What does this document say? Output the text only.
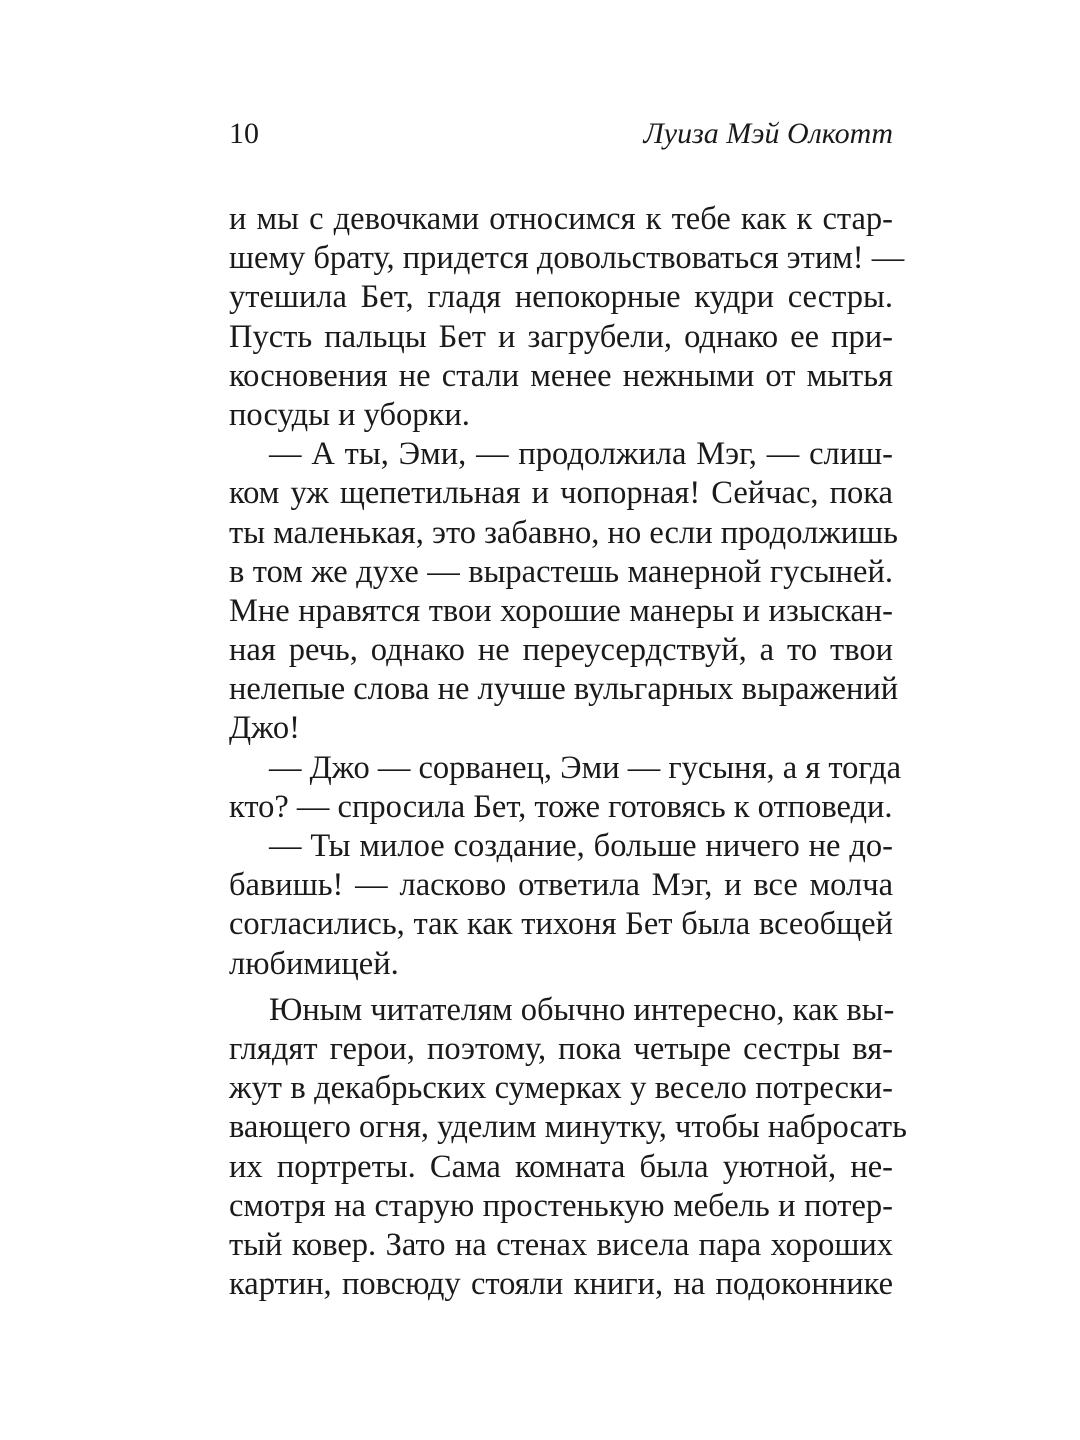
10	Луиза Мэй Олкотт
и мы с девочками относимся к тебе как к стар-
шему брату, придется довольствоваться этим! —
утешила Бет, гладя непокорные кудри сестры.
Пусть пальцы Бет и загрубели, однако ее при-
косновения не стали менее нежными от мытья
посуды и уборки.
— А ты, Эми, — продолжила Мэг, — слиш-
ком уж щепетильная и чопорная! Сейчас, пока
ты маленькая, это забавно, но если продолжишь
в том же духе — вырастешь манерной гусыней.
Мне нравятся твои хорошие манеры и изыскан-
ная речь, однако не переусердствуй, а то твои
нелепые слова не лучше вульгарных выражений
Джо!
— Джо — сорванец, Эми — гусыня, а я тогда
кто? — спросила Бет, тоже готовясь к отповеди.
— Ты милое создание, больше ничего не до-
бавишь! — ласково ответила Мэг, и все молча
согласились, так как тихоня Бет была всеобщей
любимицей.
Юным читателям обычно интересно, как вы-
глядят герои, поэтому, пока четыре сестры вя-
жут в декабрьских сумерках у весело потрески-
вающего огня, уделим минутку, чтобы набросать
их портреты. Сама комната была уютной, не-
смотря на старую простенькую мебель и потер-
тый ковер. Зато на стенах висела пара хороших
картин, повсюду стояли книги, на подоконнике
